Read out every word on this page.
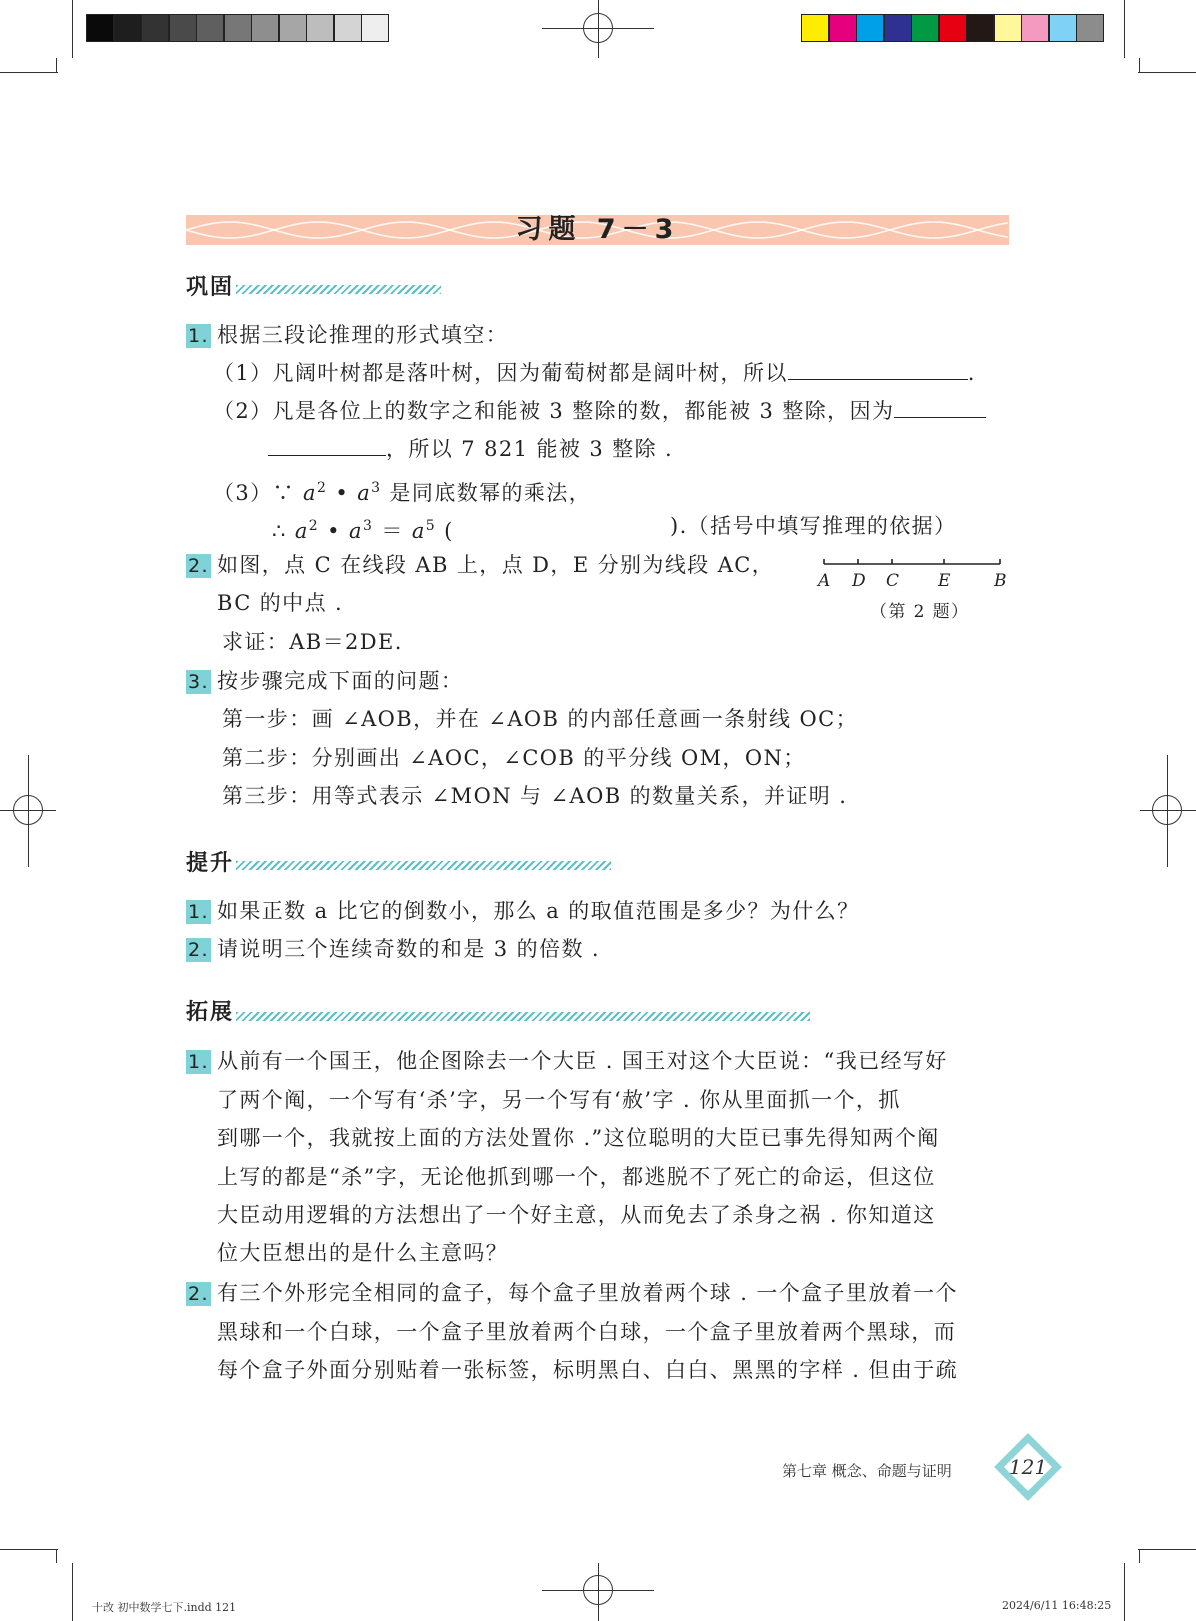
习题 7－3
巩固
1. 根据三段论推理的形式填空：
（1）凡阔叶树都是落叶树，因为葡萄树都是阔叶树，所以	.
（2）凡是各位上的数字之和能被 3 整除的数，都能被 3 整除，因为
，所以 7 821 能被 3 整除 .
（3）∵ $a^2$ • $a^3$ 是同底数幂的乘法，
∴ $a^2$ • $a^3 = a^5$ (	).（括号中填写推理的依据）
2. 如图，点 C 在线段 AB 上，点 D，E 分别为线段 AC，
BC 的中点 .
求证：AB＝2DE.
A D C E B
（第 2 题）
3. 按步骤完成下面的问题：
第一步：画 ∠AOB，并在 ∠AOB 的内部任意画一条射线 OC；
第二步：分别画出 ∠AOC，∠COB 的平分线 OM，ON；
第三步：用等式表示 ∠MON 与 ∠AOB 的数量关系，并证明 .
提升
1. 如果正数 a 比它的倒数小，那么 a 的取值范围是多少？为什么？
2. 请说明三个连续奇数的和是 3 的倍数 .
拓展
1. 从前有一个国王，他企图除去一个大臣 . 国王对这个大臣说：“我已经写好
了两个阄，一个写有‘杀’字，另一个写有‘赦’字 . 你从里面抓一个，抓
到哪一个，我就按上面的方法处置你 .”这位聪明的大臣已事先得知两个阄
上写的都是“杀”字，无论他抓到哪一个，都逃脱不了死亡的命运，但这位
大臣动用逻辑的方法想出了一个好主意，从而免去了杀身之祸 . 你知道这
位大臣想出的是什么主意吗？
2. 有三个外形完全相同的盒子，每个盒子里放着两个球 . 一个盒子里放着一个
黑球和一个白球，一个盒子里放着两个白球，一个盒子里放着两个黑球，而
每个盒子外面分别贴着一张标签，标明黑白、白白、黑黑的字样 . 但由于疏
第七章 概念、命题与证明	121
十改 初中数学七下.indd 121	2024/6/11 16:48:25
